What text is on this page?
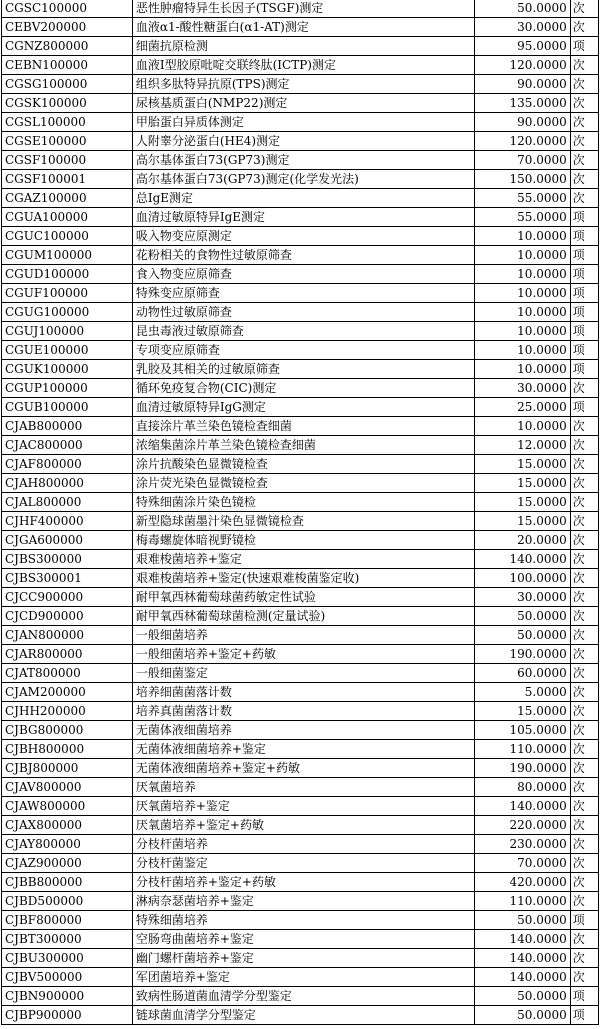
CGSC100000	恶性肿瘤特异生长因子(TSGF)测定	50.0000	次
CEBV200000	血液α1-酸性糖蛋白(α1-AT)测定	30.0000	次
CGNZ800000	细菌抗原检测	95.0000	项
CEBN100000	血液Ⅰ型胶原吡啶交联终肽(ICTP)测定	120.0000	次
CGSG100000	组织多肽特异抗原(TPS)测定	90.0000	次
CGSK100000	尿核基质蛋白(NMP22)测定	135.0000	次
CGSL100000	甲胎蛋白异质体测定	90.0000	次
CGSE100000	人附睾分泌蛋白(HE4)测定	120.0000	次
CGSF100000	高尔基体蛋白73(GP73)测定	70.0000	次
CGSF100001	高尔基体蛋白73(GP73)测定(化学发光法)	150.0000	次
CGAZ100000	总IgE测定	55.0000	次
CGUA100000	血清过敏原特异IgE测定	55.0000	项
CGUC100000	吸入物变应原测定	10.0000	项
CGUM100000	花粉相关的食物性过敏原筛查	10.0000	项
CGUD100000	食入物变应原筛查	10.0000	项
CGUF100000	特殊变应原筛查	10.0000	项
CGUG100000	动物性过敏原筛查	10.0000	项
CGUJ100000	昆虫毒液过敏原筛查	10.0000	项
CGUE100000	专项变应原筛查	10.0000	项
CGUK100000	乳胶及其相关的过敏原筛查	10.0000	项
CGUP100000	循环免疫复合物(CIC)测定	30.0000	次
CGUB100000	血清过敏原特异IgG测定	25.0000	项
CJAB800000	直接涂片革兰染色镜检查细菌	10.0000	次
CJAC800000	浓缩集菌涂片革兰染色镜检查细菌	12.0000	次
CJAF800000	涂片抗酸染色显微镜检查	15.0000	次
CJAH800000	涂片荧光染色显微镜检查	15.0000	次
CJAL800000	特殊细菌涂片染色镜检	15.0000	次
CJHF400000	新型隐球菌墨汁染色显微镜检查	15.0000	次
CJGA600000	梅毒螺旋体暗视野镜检	20.0000	次
CJBS300000	艰难梭菌培养+鉴定	140.0000	次
CJBS300001	艰难梭菌培养+鉴定(快速艰难梭菌鉴定收)	100.0000	次
CJCC900000	耐甲氧西林葡萄球菌药敏定性试验	30.0000	次
CJCD900000	耐甲氧西林葡萄球菌检测(定量试验)	50.0000	次
CJAN800000	一般细菌培养	50.0000	次
CJAR800000	一般细菌培养+鉴定+药敏	190.0000	次
CJAT800000	一般细菌鉴定	60.0000	次
CJAM200000	培养细菌菌落计数	5.0000	次
CJHH200000	培养真菌菌落计数	15.0000	次
CJBG800000	无菌体液细菌培养	105.0000	次
CJBH800000	无菌体液细菌培养+鉴定	110.0000	次
CJBJ800000	无菌体液细菌培养+鉴定+药敏	190.0000	次
CJAV800000	厌氧菌培养	80.0000	次
CJAW800000	厌氧菌培养+鉴定	140.0000	次
CJAX800000	厌氧菌培养+鉴定+药敏	220.0000	次
CJAY800000	分枝杆菌培养	230.0000	次
CJAZ900000	分枝杆菌鉴定	70.0000	次
CJBB800000	分枝杆菌培养+鉴定+药敏	420.0000	次
CJBD500000	淋病奈瑟菌培养+鉴定	110.0000	次
CJBF800000	特殊细菌培养	50.0000	项
CJBT300000	空肠弯曲菌培养+鉴定	140.0000	次
CJBU300000	幽门螺杆菌培养+鉴定	140.0000	次
CJBV500000	军团菌培养+鉴定	140.0000	次
CJBN900000	致病性肠道菌血清学分型鉴定	50.0000	项
CJBP900000	链球菌血清学分型鉴定	50.0000	项
